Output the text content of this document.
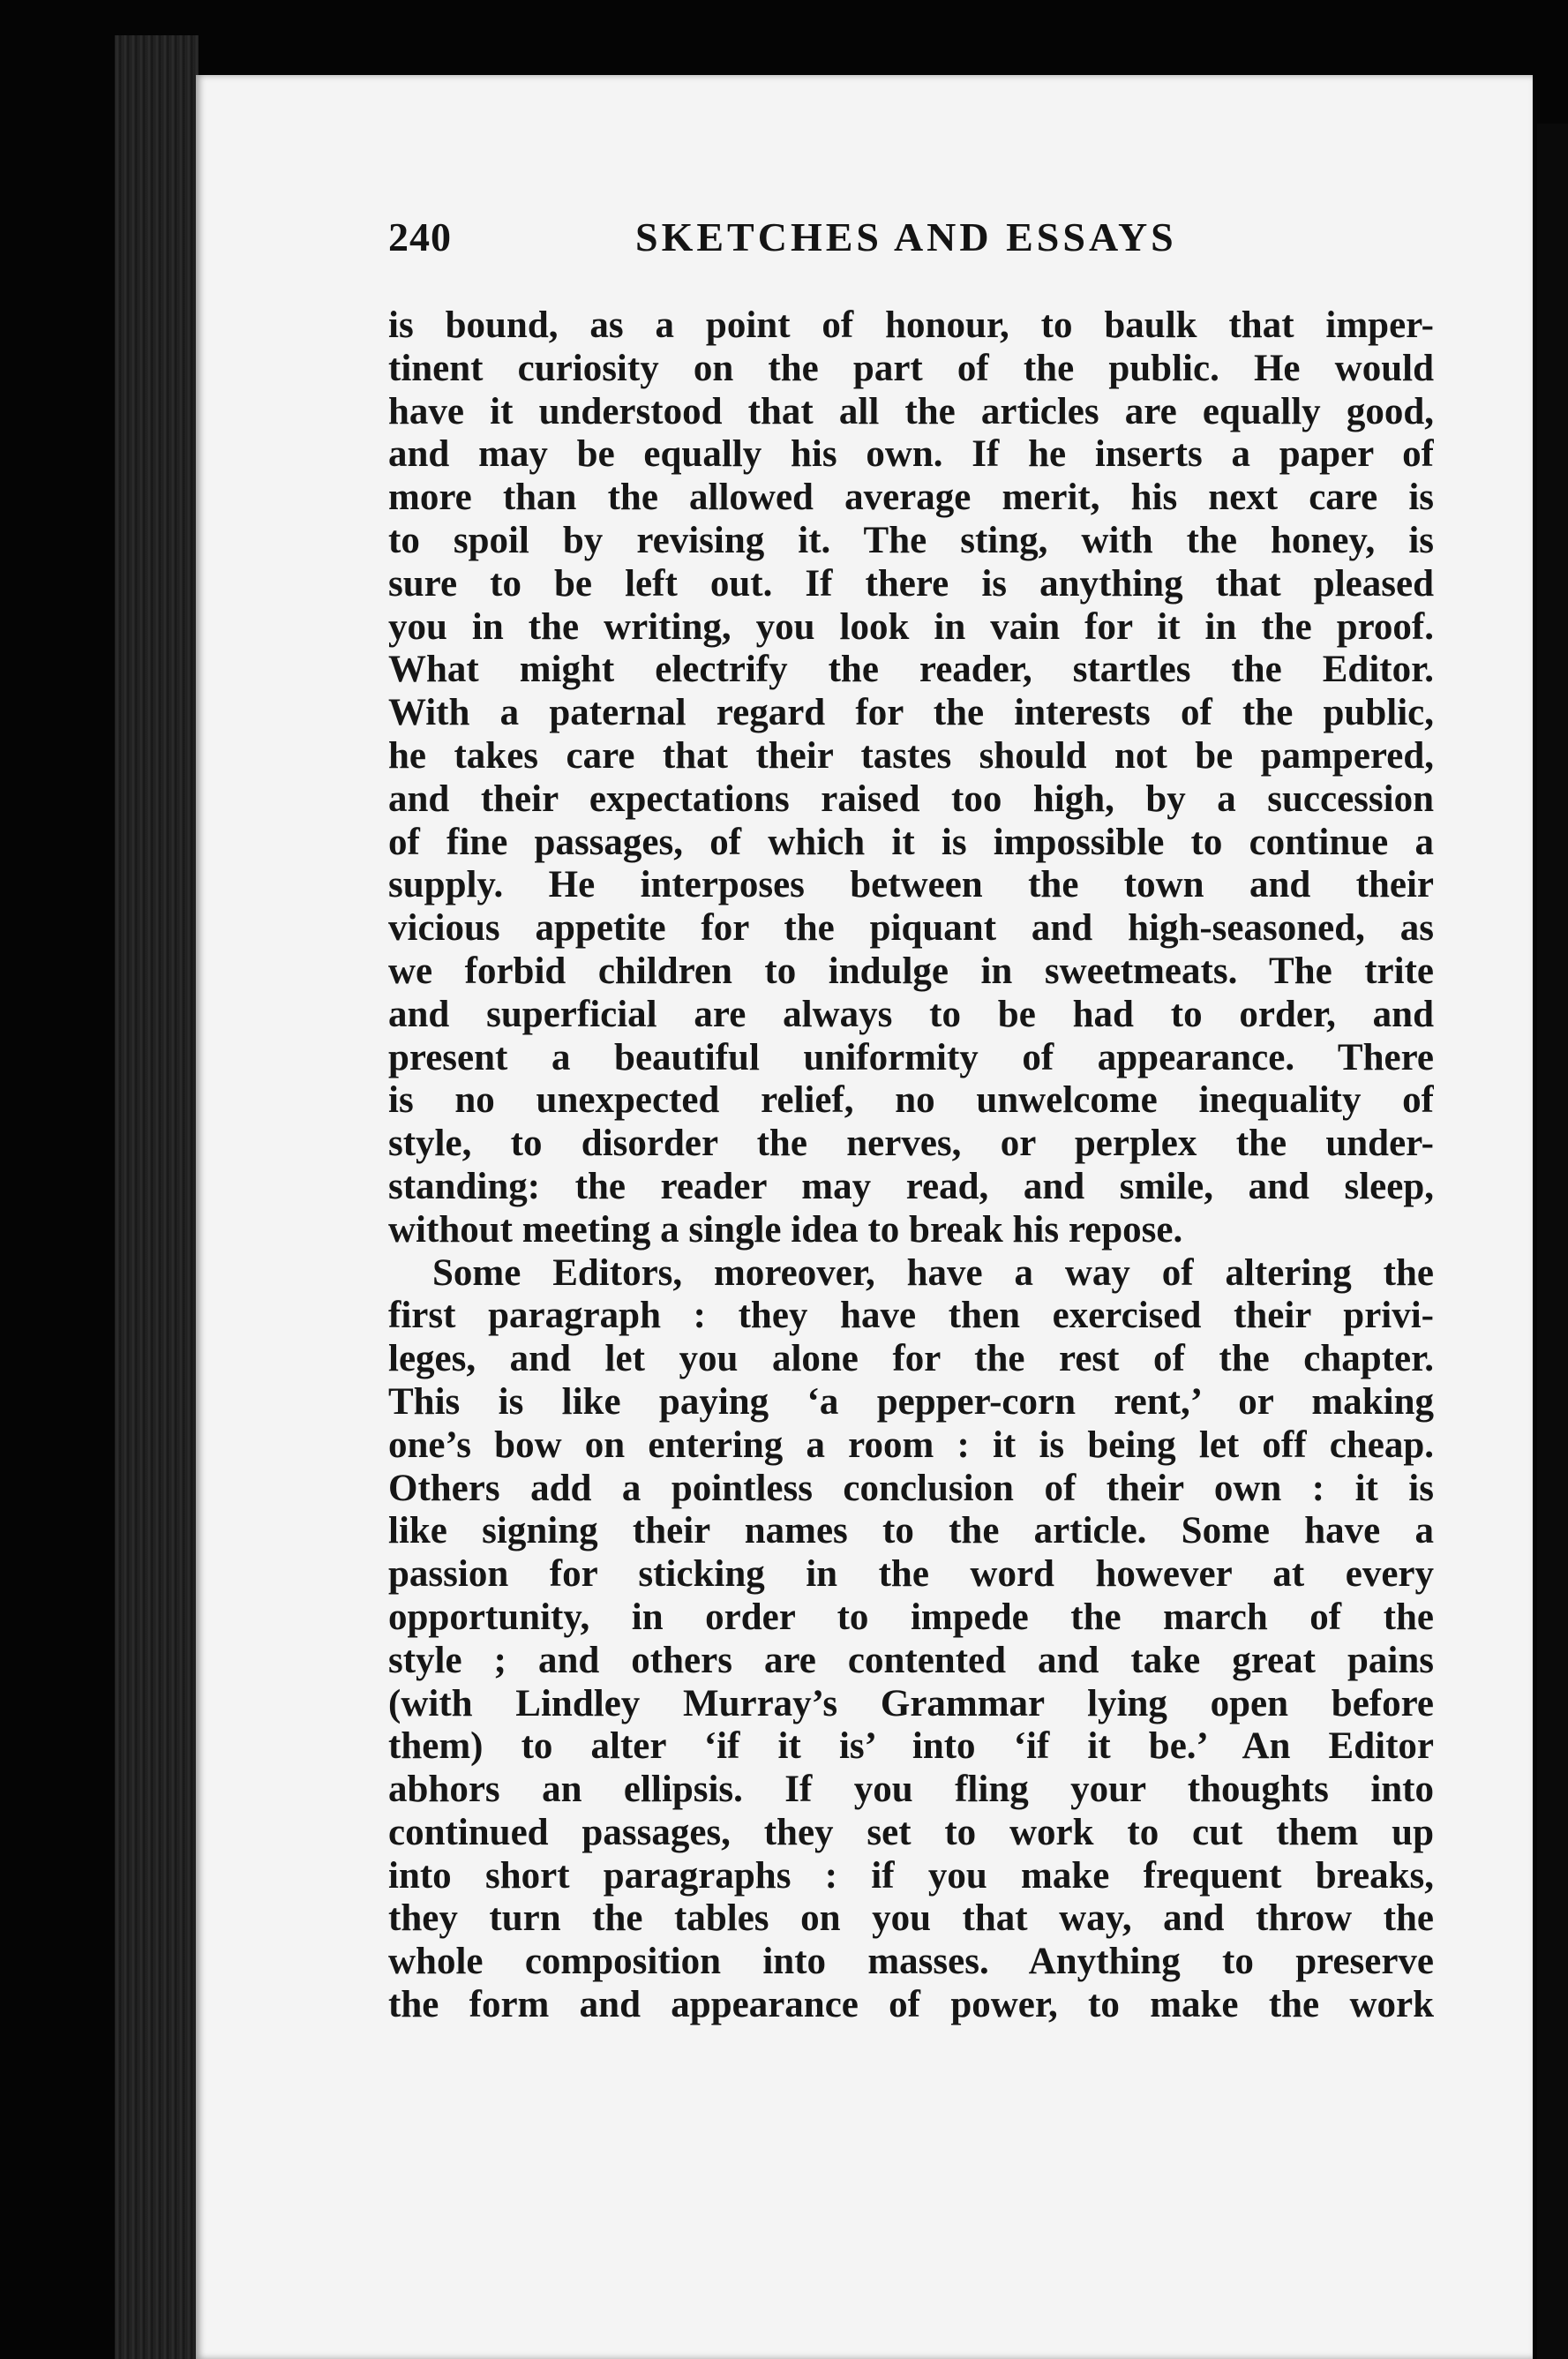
240	SKETCHES AND ESSAYS
is bound, as a point of honour, to baulk that imper-
tinent curiosity on the part of the public. He would
have it understood that all the articles are equally good,
and may be equally his own. If he inserts a paper of
more than the allowed average merit, his next care is
to spoil by revising it. The sting, with the honey, is
sure to be left out. If there is anything that pleased
you in the writing, you look in vain for it in the proof.
What might electrify the reader, startles the Editor.
With a paternal regard for the interests of the public,
he takes care that their tastes should not be pampered,
and their expectations raised too high, by a succession
of fine passages, of which it is impossible to continue a
supply. He interposes between the town and their
vicious appetite for the piquant and high-seasoned, as
we forbid children to indulge in sweetmeats. The trite
and superficial are always to be had to order, and
present a beautiful uniformity of appearance. There
is no unexpected relief, no unwelcome inequality of
style, to disorder the nerves, or perplex the under-
standing: the reader may read, and smile, and sleep,
without meeting a single idea to break his repose.
Some Editors, moreover, have a way of altering the
first paragraph : they have then exercised their privi-
leges, and let you alone for the rest of the chapter.
This is like paying ‘a pepper-corn rent,’ or making
one’s bow on entering a room : it is being let off cheap.
Others add a pointless conclusion of their own : it is
like signing their names to the article. Some have a
passion for sticking in the word however at every
opportunity, in order to impede the march of the
style ; and others are contented and take great pains
(with Lindley Murray’s Grammar lying open before
them) to alter ‘if it is’ into ‘if it be.’ An Editor
abhors an ellipsis. If you fling your thoughts into
continued passages, they set to work to cut them up
into short paragraphs : if you make frequent breaks,
they turn the tables on you that way, and throw the
whole composition into masses. Anything to preserve
the form and appearance of power, to make the work
